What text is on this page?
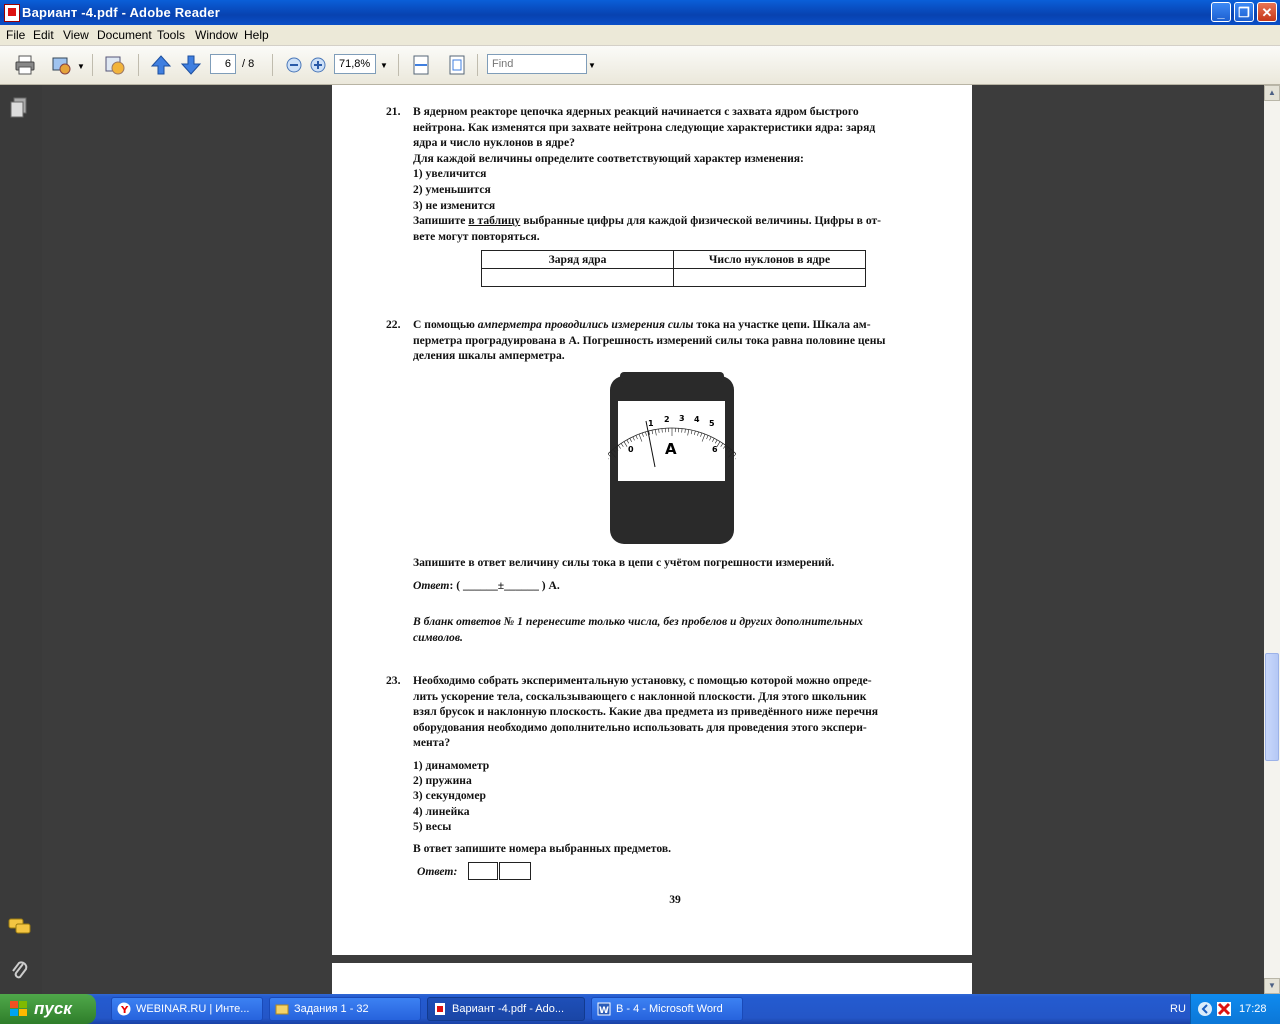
Вариант -4.pdf - Adobe Reader	_	❐ ✕
File Edit View Document Tools Window Help
▼
6	/ 8
71,8%	▼
Find	▼
21. В ядерном реакторе цепочка ядерных реакций начинается с захвата ядром быстрого
нейтрона. Как изменятся при захвате нейтрона следующие характеристики ядра: заряд
ядра и число нуклонов в ядре?
Для каждой величины определите соответствующий характер изменения:
1) увеличится
2) уменьшится
3) не изменится
Запишите в таблицу выбранные цифры для каждой физической величины. Цифры в от-
вете могут повторяться.
Заряд ядра	Число нуклонов в ядре

22. С помощью амперметра проводились измерения силы тока на участке цепи. Шкала ам-
перметра проградуирована в А. Погрешность измерений силы тока равна половине цены
деления шкалы амперметра.
1 2 3 4 5
0	6
A
Запишите в ответ величину силы тока в цепи с учётом погрешности измерений.
Ответ: ( ______±______ ) А.
В бланк ответов № 1 перенесите только числа, без пробелов и других дополнительных
символов.
23. Необходимо собрать экспериментальную установку, с помощью которой можно опреде-
лить ускорение тела, соскальзывающего с наклонной плоскости. Для этого школьник
взял брусок и наклонную плоскость. Какие два предмета из приведённого ниже перечня
оборудования необходимо дополнительно использовать для проведения этого экспери-
мента?
1) динамометр
2) пружина
3) секундомер
4) линейка
5) весы
В ответ запишите номера выбранных предметов.
Ответ:
39
▲
▼
пуск	Y WEBINAR.RU | Инте...	Задания 1 - 32	Вариант -4.pdf - Ado...	W В - 4 - Microsoft Word	RU	17:28
